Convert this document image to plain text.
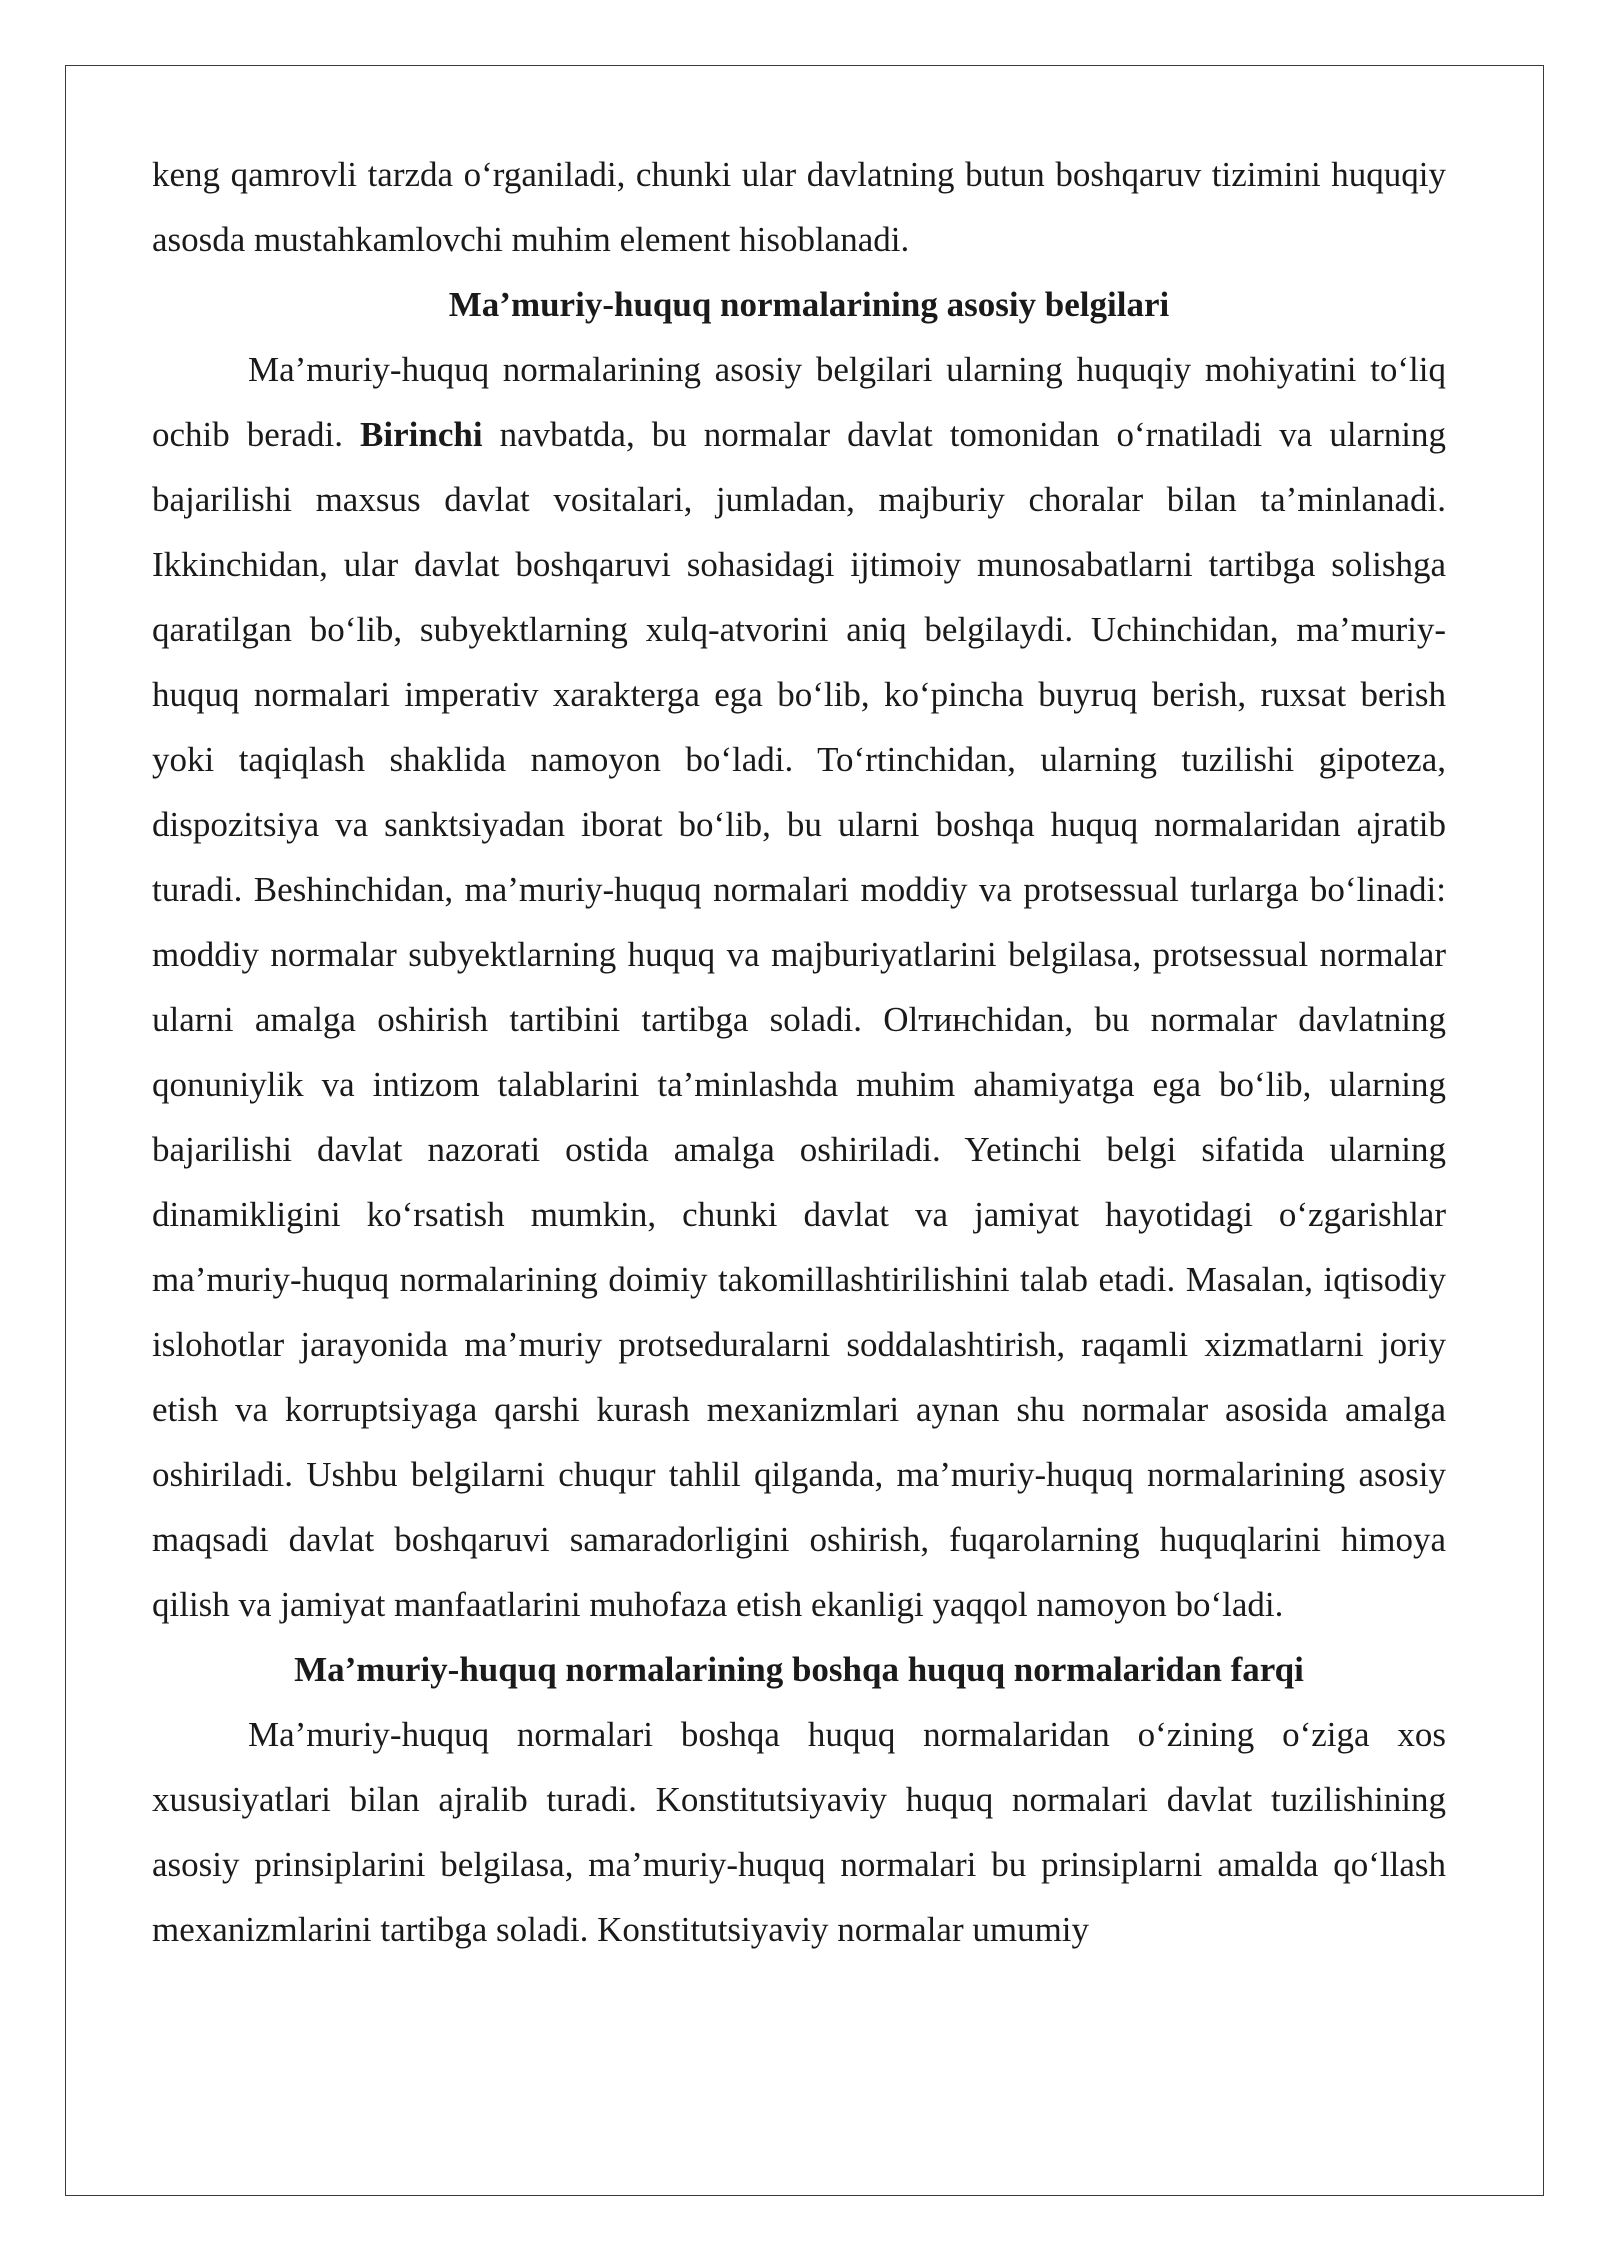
keng qamrovli tarzda o‘rganiladi, chunki ular davlatning butun boshqaruv tizimini huquqiy asosda mustahkamlovchi muhim element hisoblanadi.

Ma’muriy-huquq normalarining asosiy belgilari

Ma’muriy-huquq normalarining asosiy belgilari ularning huquqiy mohiyatini to‘liq ochib beradi. Birinchi navbatda, bu normalar davlat tomonidan o‘rnatiladi va ularning bajarilishi maxsus davlat vositalari, jumladan, majburiy choralar bilan ta’minlanadi. Ikkinchidan, ular davlat boshqaruvi sohasidagi ijtimoiy munosabatlarni tartibga solishga qaratilgan bo‘lib, subyektlarning xulq-atvorini aniq belgilaydi. Uchinchidan, ma’muriy-huquq normalari imperativ xarakterga ega bo‘lib, ko‘pincha buyruq berish, ruxsat berish yoki taqiqlash shaklida namoyon bo‘ladi. To‘rtinchidan, ularning tuzilishi gipoteza, dispozitsiya va sanktsiyadan iborat bo‘lib, bu ularni boshqa huquq normalaridan ajratib turadi. Beshinchidan, ma’muriy-huquq normalari moddiy va protsessual turlarga bo‘linadi: moddiy normalar subyektlarning huquq va majburiyatlarini belgilasa, protsessual normalar ularni amalga oshirish tartibini tartibga soladi. Olтинchidan, bu normalar davlatning qonuniylik va intizom talablarini ta’minlashda muhim ahamiyatga ega bo‘lib, ularning bajarilishi davlat nazorati ostida amalga oshiriladi. Yetinchi belgi sifatida ularning dinamikligini ko‘rsatish mumkin, chunki davlat va jamiyat hayotidagi o‘zgarishlar ma’muriy-huquq normalarining doimiy takomillashtirilishini talab etadi. Masalan, iqtisodiy islohotlar jarayonida ma’muriy protseduralarni soddalashtirish, raqamli xizmatlarni joriy etish va korruptsiyaga qarshi kurash mexanizmlari aynan shu normalar asosida amalga oshiriladi. Ushbu belgilarni chuqur tahlil qilganda, ma’muriy-huquq normalarining asosiy maqsadi davlat boshqaruvi samaradorligini oshirish, fuqarolarning huquqlarini himoya qilish va jamiyat manfaatlarini muhofaza etish ekanligi yaqqol namoyon bo‘ladi.

Ma’muriy-huquq normalarining boshqa huquq normalaridan farqi

Ma’muriy-huquq normalari boshqa huquq normalaridan o‘zining o‘ziga xos xususiyatlari bilan ajralib turadi. Konstitutsiyaviy huquq normalari davlat tuzilishining asosiy prinsiplarini belgilasa, ma’muriy-huquq normalari bu prinsiplarni amalda qo‘llash mexanizmlarini tartibga soladi. Konstitutsiyaviy normalar umumiy
